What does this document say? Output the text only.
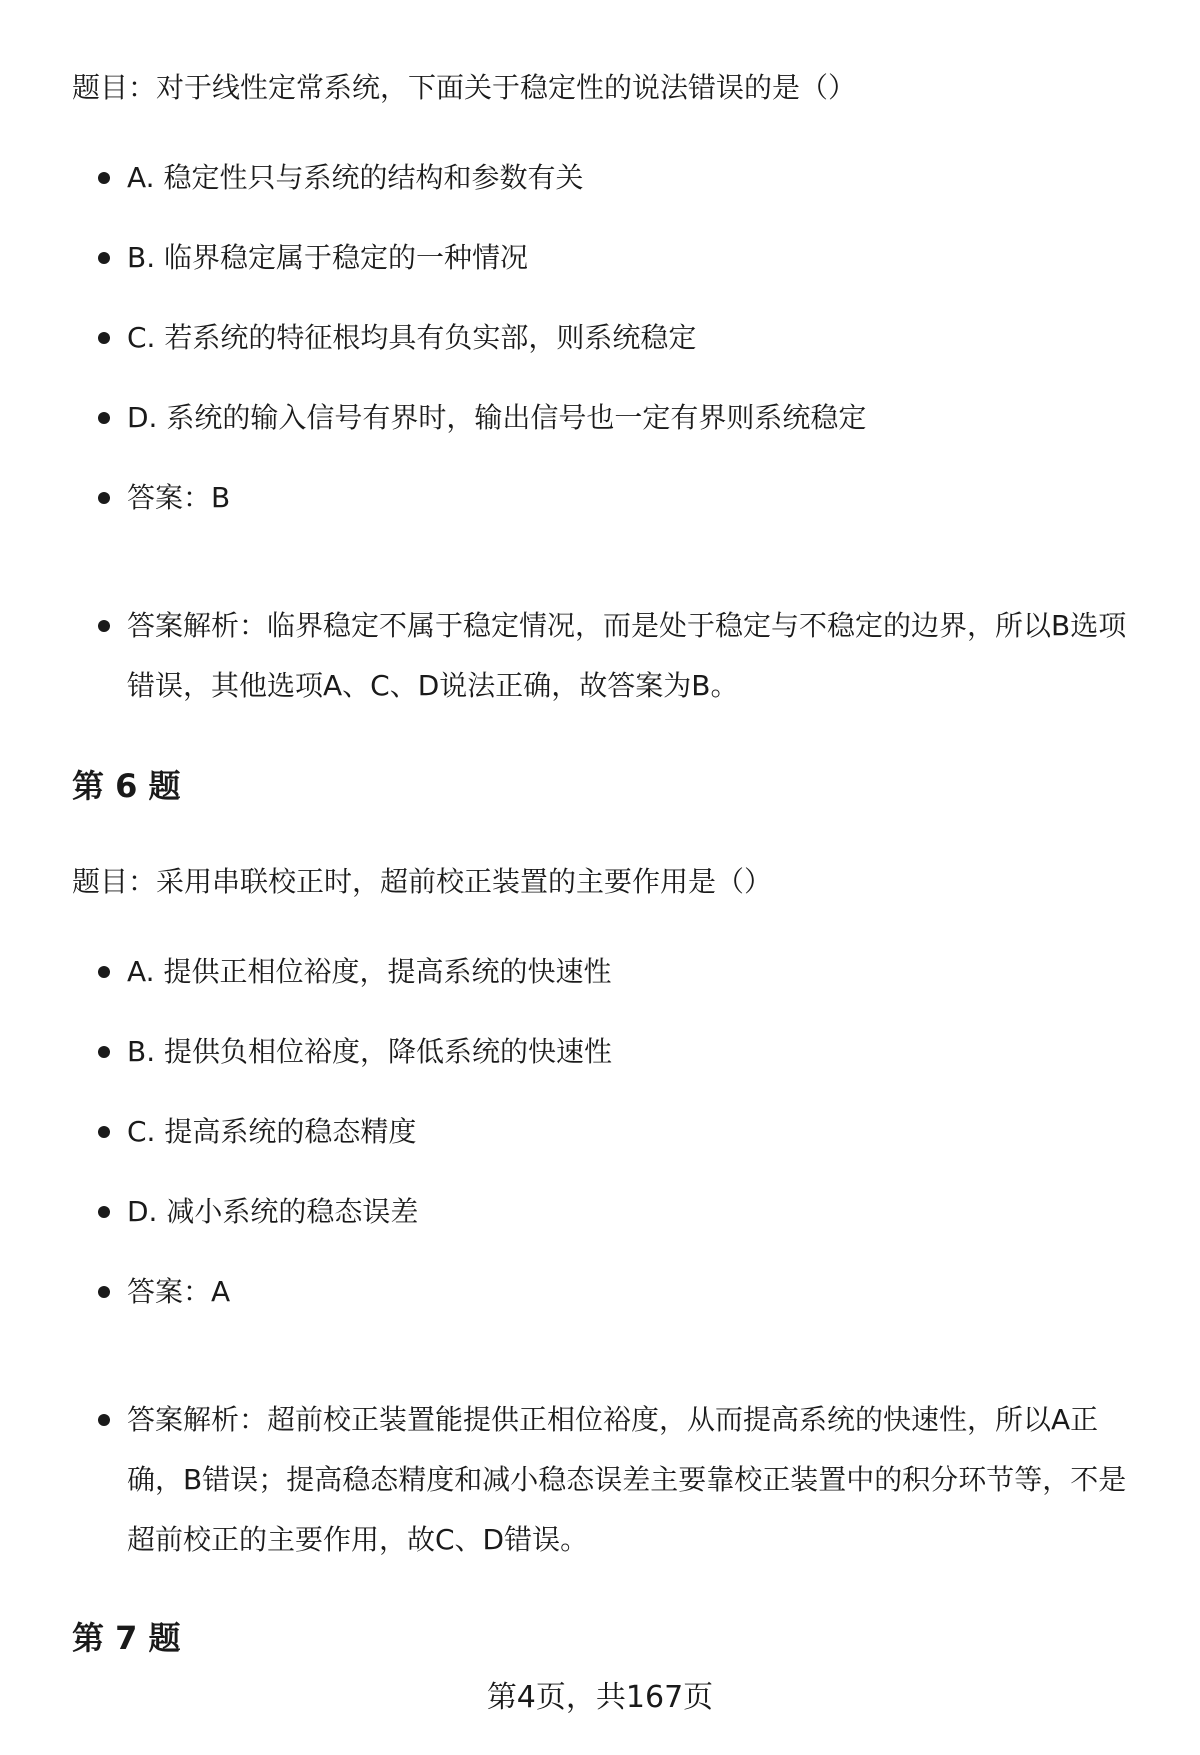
题目：对于线性定常系统，下面关于稳定性的说法错误的是（）
A. 稳定性只与系统的结构和参数有关
B. 临界稳定属于稳定的一种情况
C. 若系统的特征根均具有负实部，则系统稳定
D. 系统的输入信号有界时，输出信号也一定有界则系统稳定
答案：B
答案解析：临界稳定不属于稳定情况，而是处于稳定与不稳定的边界，所以B选项错误，其他选项A、C、D说法正确，故答案为B。
第 6 题
题目：采用串联校正时，超前校正装置的主要作用是（）
A. 提供正相位裕度，提高系统的快速性
B. 提供负相位裕度，降低系统的快速性
C. 提高系统的稳态精度
D. 减小系统的稳态误差
答案：A
答案解析：超前校正装置能提供正相位裕度，从而提高系统的快速性，所以A正确，B错误；提高稳态精度和减小稳态误差主要靠校正装置中的积分环节等，不是超前校正的主要作用，故C、D错误。
第 7 题
第4页，共167页
